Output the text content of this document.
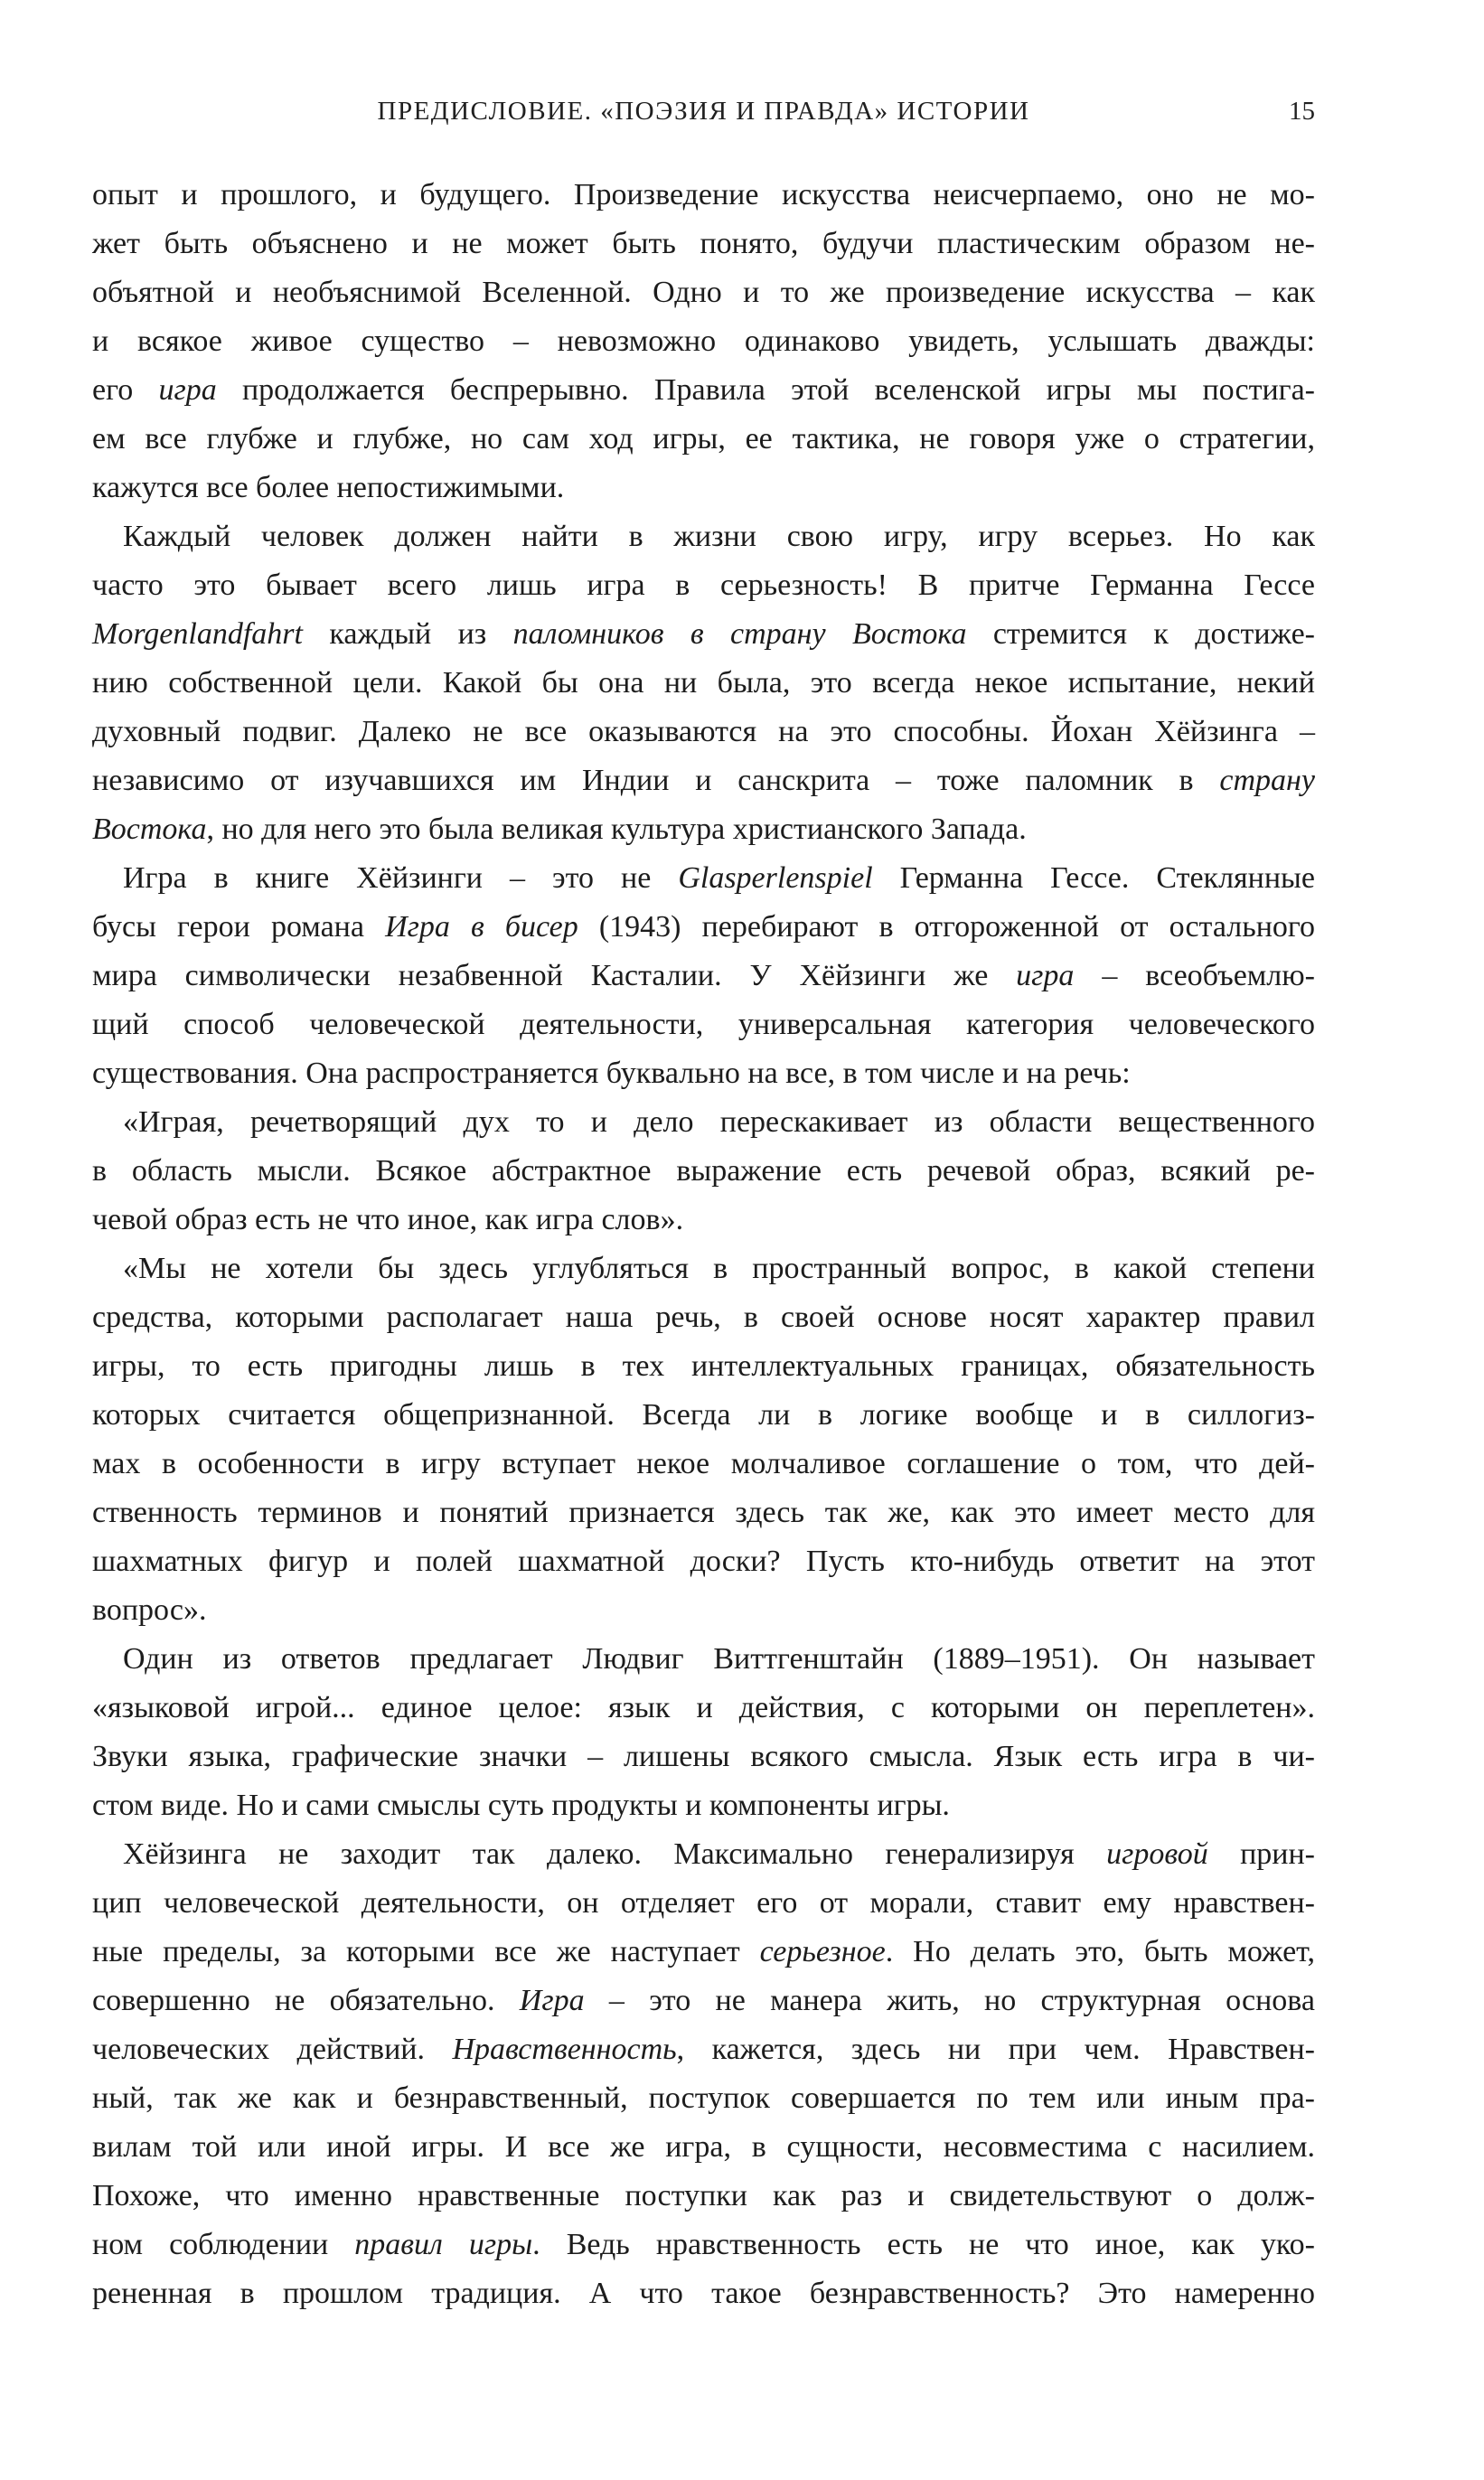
ПРЕДИСЛОВИЕ. «ПОЭЗИЯ И ПРАВДА» ИСТОРИИ	15
опыт и прошлого, и будущего. Произведение искусства неисчерпаемо, оно не мо-
жет быть объяснено и не может быть понято, будучи пластическим образом не-
объятной и необъяснимой Вселенной. Одно и то же произведение искусства – как
и всякое живое существо – невозможно одинаково увидеть, услышать дважды:
его игра продолжается беспрерывно. Правила этой вселенской игры мы постига-
ем все глубже и глубже, но сам ход игры, ее тактика, не говоря уже о стратегии,
кажутся все более непостижимыми.
Каждый человек должен найти в жизни свою игру, игру всерьез. Но как
часто это бывает всего лишь игра в серьезность! В притче Германна Гессе
Morgenlandfahrt каждый из паломников в страну Востока стремится к достиже-
нию собственной цели. Какой бы она ни была, это всегда некое испытание, некий
духовный подвиг. Далеко не все оказываются на это способны. Йохан Хёйзинга –
независимо от изучавшихся им Индии и санскрита – тоже паломник в страну
Востока, но для него это была великая культура христианского Запада.
Игра в книге Хёйзинги – это не Glasperlenspiel Германна Гессе. Стеклянные
бусы герои романа Игра в бисер (1943) перебирают в отгороженной от остального
мира символически незабвенной Касталии. У Хёйзинги же игра – всеобъемлю-
щий способ человеческой деятельности, универсальная категория человеческого
существования. Она распространяется буквально на все, в том числе и на речь:
«Играя, речетворящий дух то и дело перескакивает из области вещественного
в область мысли. Всякое абстрактное выражение есть речевой образ, всякий ре-
чевой образ есть не что иное, как игра слов».
«Мы не хотели бы здесь углубляться в пространный вопрос, в какой степени
средства, которыми располагает наша речь, в своей основе носят характер правил
игры, то есть пригодны лишь в тех интеллектуальных границах, обязательность
которых считается общепризнанной. Всегда ли в логике вообще и в силлогиз-
мах в особенности в игру вступает некое молчаливое соглашение о том, что дей-
ственность терминов и понятий признается здесь так же, как это имеет место для
шахматных фигур и полей шахматной доски? Пусть кто-нибудь ответит на этот
вопрос».
Один из ответов предлагает Людвиг Виттгенштайн (1889–1951). Он называет
«языковой игрой... единое целое: язык и действия, с которыми он переплетен».
Звуки языка, графические значки – лишены всякого смысла. Язык есть игра в чи-
стом виде. Но и сами смыслы суть продукты и компоненты игры.
Хёйзинга не заходит так далеко. Максимально генерализируя игровой прин-
цип человеческой деятельности, он отделяет его от морали, ставит ему нравствен-
ные пределы, за которыми все же наступает серьезное. Но делать это, быть может,
совершенно не обязательно. Игра – это не манера жить, но структурная основа
человеческих действий. Нравственность, кажется, здесь ни при чем. Нравствен-
ный, так же как и безнравственный, поступок совершается по тем или иным пра-
вилам той или иной игры. И все же игра, в сущности, несовместима с насилием.
Похоже, что именно нравственные поступки как раз и свидетельствуют о долж-
ном соблюдении правил игры. Ведь нравственность есть не что иное, как уко-
рененная в прошлом традиция. А что такое безнравственность? Это намеренно
